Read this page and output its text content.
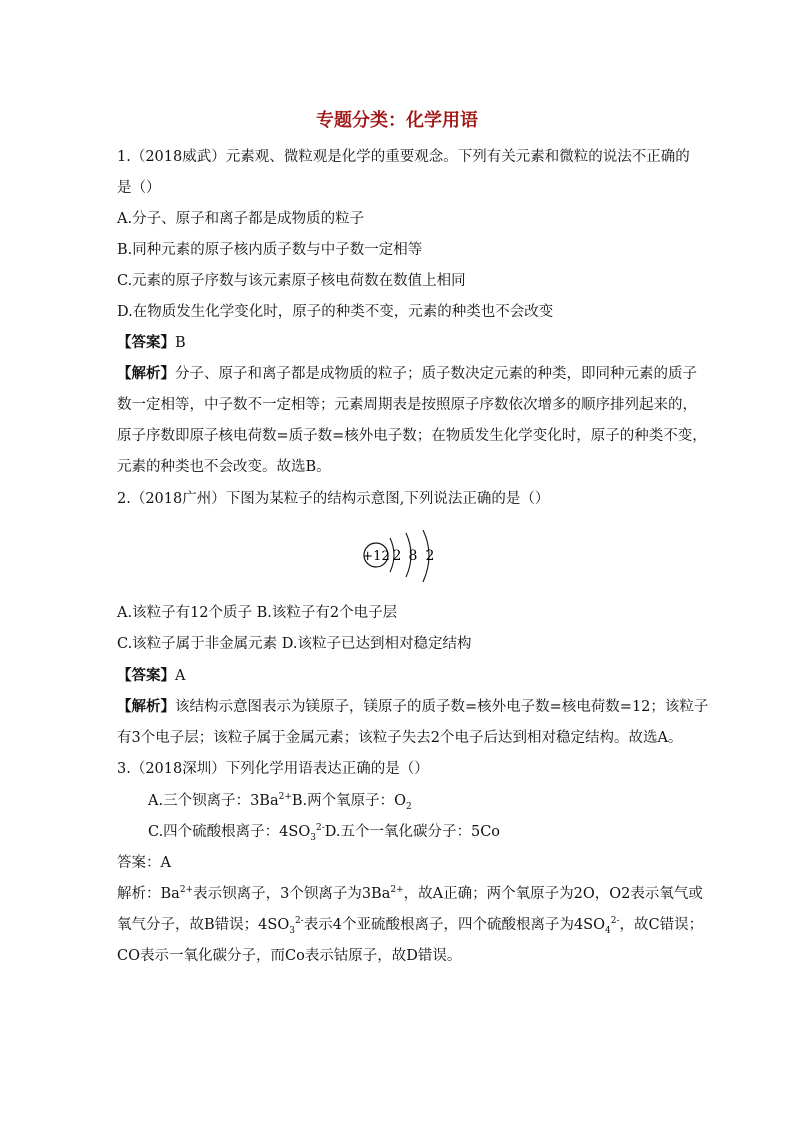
专题分类：化学用语
1.（2018威武）元素观、微粒观是化学的重要观念。下列有关元素和微粒的说法不正确的
是（）
A.分子、原子和离子都是成物质的粒子
B.同种元素的原子核内质子数与中子数一定相等
C.元素的原子序数与该元素原子核电荷数在数值上相同
D.在物质发生化学变化时，原子的种类不变，元素的种类也不会改变
【答案】B
【解析】分子、原子和离子都是成物质的粒子；质子数决定元素的种类，即同种元素的质子
数一定相等，中子数不一定相等；元素周期表是按照原子序数依次增多的顺序排列起来的，
原子序数即原子核电荷数=质子数=核外电子数；在物质发生化学变化时，原子的种类不变，
元素的种类也不会改变。故选B。
2.（2018广州）下图为某粒子的结构示意图,下列说法正确的是（）
+12 2 8 2
A.该粒子有12个质子 B.该粒子有2个电子层
C.该粒子属于非金属元素 D.该粒子已达到相对稳定结构
【答案】A
【解析】该结构示意图表示为镁原子，镁原子的质子数=核外电子数=核电荷数=12；该粒子
有3个电子层；该粒子属于金属元素；该粒子失去2个电子后达到相对稳定结构。故选A。
3.（2018深圳）下列化学用语表达正确的是（）
A.三个钡离子：$3Ba^{2+}B$.两个氧原子：$O_2$
C.四个硫酸根离子：$4SO_3^{2-}D$.五个一氧化碳分子：5Co
答案：A
解析：$Ba^{2+}$表示钡离子，3个钡离子为$3Ba^{2+}$，故A正确；两个氧原子为2O，O2表示氧气或
氧气分子，故B错误；$4SO_3^{2-}$表示4个亚硫酸根离子，四个硫酸根离子为$4SO_4^{2-}$，故C错误；
CO表示一氧化碳分子，而Co表示钴原子，故D错误。
